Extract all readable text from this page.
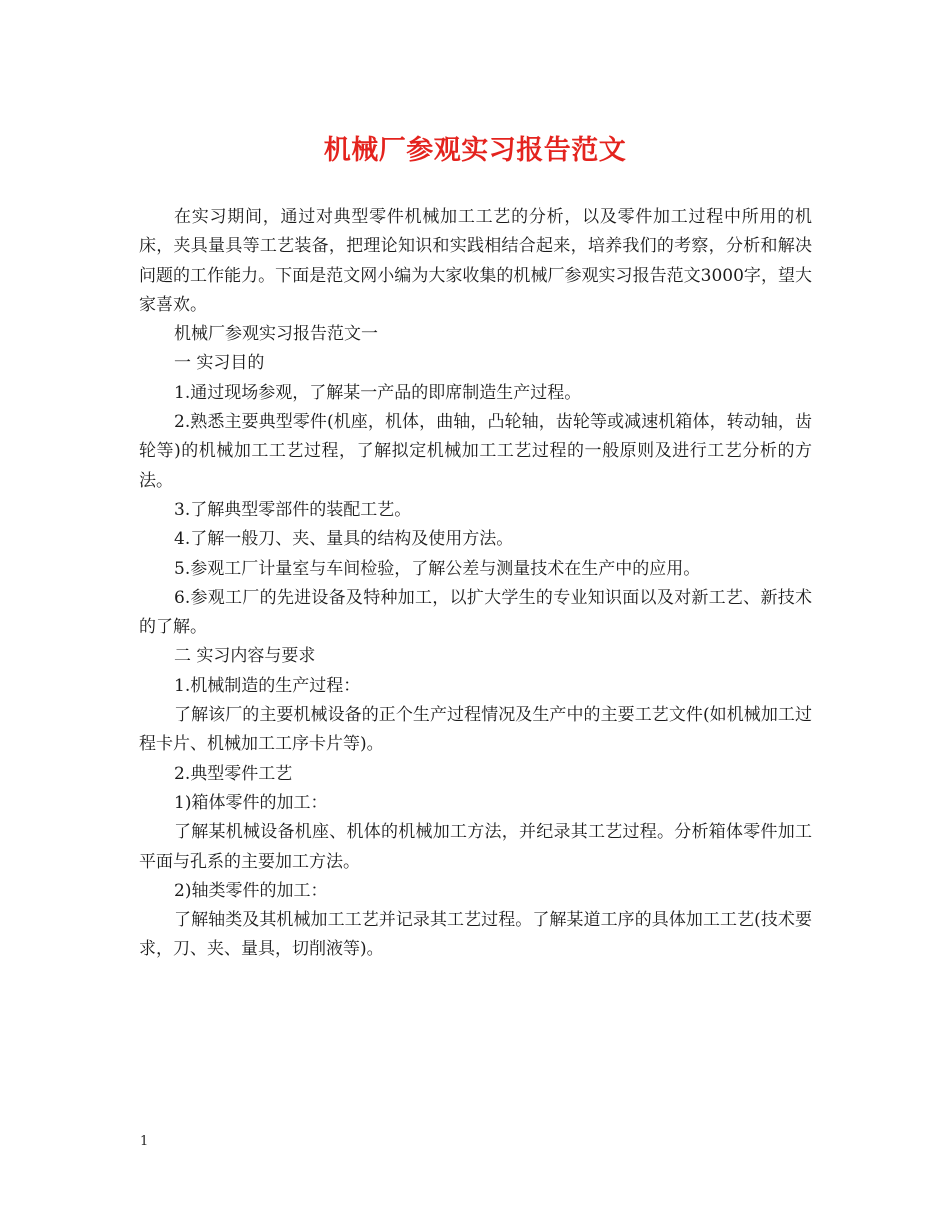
机械厂参观实习报告范文

在实习期间，通过对典型零件机械加工工艺的分析，以及零件加工过程中所用的机床，夹具量具等工艺装备，把理论知识和实践相结合起来，培养我们的考察，分析和解决问题的工作能力。下面是范文网小编为大家收集的机械厂参观实习报告范文3000字，望大家喜欢。

机械厂参观实习报告范文一

一 实习目的

1.通过现场参观，了解某一产品的即席制造生产过程。

2.熟悉主要典型零件(机座，机体，曲轴，凸轮轴，齿轮等或减速机箱体，转动轴，齿轮等)的机械加工工艺过程，了解拟定机械加工工艺过程的一般原则及进行工艺分析的方法。

3.了解典型零部件的装配工艺。

4.了解一般刀、夹、量具的结构及使用方法。

5.参观工厂计量室与车间检验，了解公差与测量技术在生产中的应用。

6.参观工厂的先进设备及特种加工，以扩大学生的专业知识面以及对新工艺、新技术的了解。

二 实习内容与要求

1.机械制造的生产过程：

了解该厂的主要机械设备的正个生产过程情况及生产中的主要工艺文件(如机械加工过程卡片、机械加工工序卡片等)。

2.典型零件工艺

1)箱体零件的加工：

了解某机械设备机座、机体的机械加工方法，并纪录其工艺过程。分析箱体零件加工平面与孔系的主要加工方法。

2)轴类零件的加工：

了解轴类及其机械加工工艺并记录其工艺过程。了解某道工序的具体加工工艺(技术要求，刀、夹、量具，切削液等)。

1
